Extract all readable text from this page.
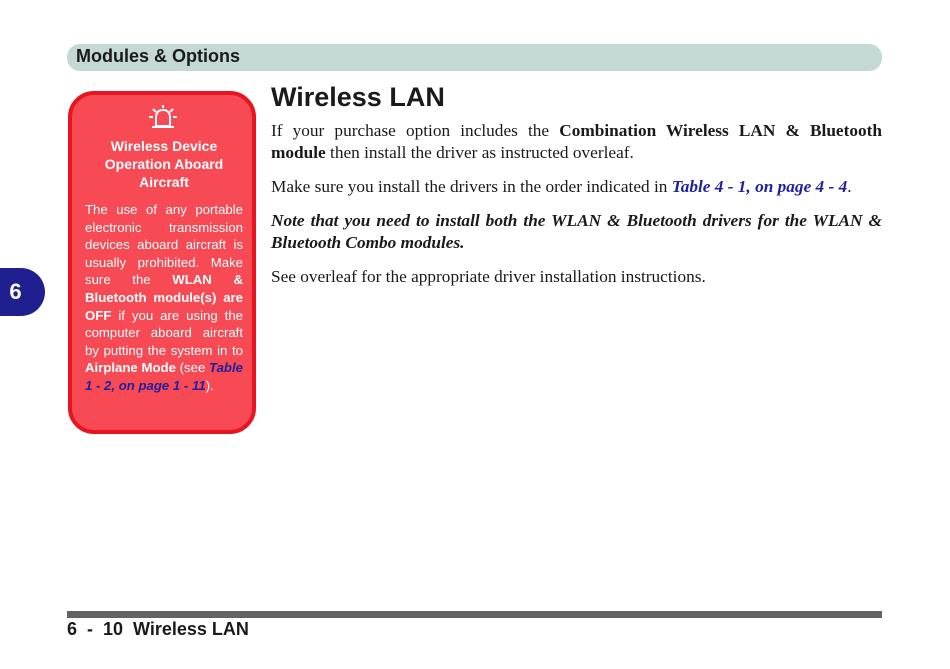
Modules & Options
6
Wireless Device Operation Aboard Aircraft
The use of any portable electronic transmission devices aboard aircraft is usually prohibited. Make sure the WLAN & Bluetooth module(s) are OFF if you are using the computer aboard aircraft by putting the system in to Airplane Mode (see Table 1 - 2, on page 1 - 11).
Wireless LAN

If your purchase option includes the Combination Wireless LAN & Bluetooth module then install the driver as instructed overleaf.

Make sure you install the drivers in the order indicated in Table 4 - 1, on page 4 - 4.

Note that you need to install both the WLAN & Bluetooth drivers for the WLAN & Bluetooth Combo modules.

See overleaf for the appropriate driver installation instructions.

6  -  10  Wireless LAN
